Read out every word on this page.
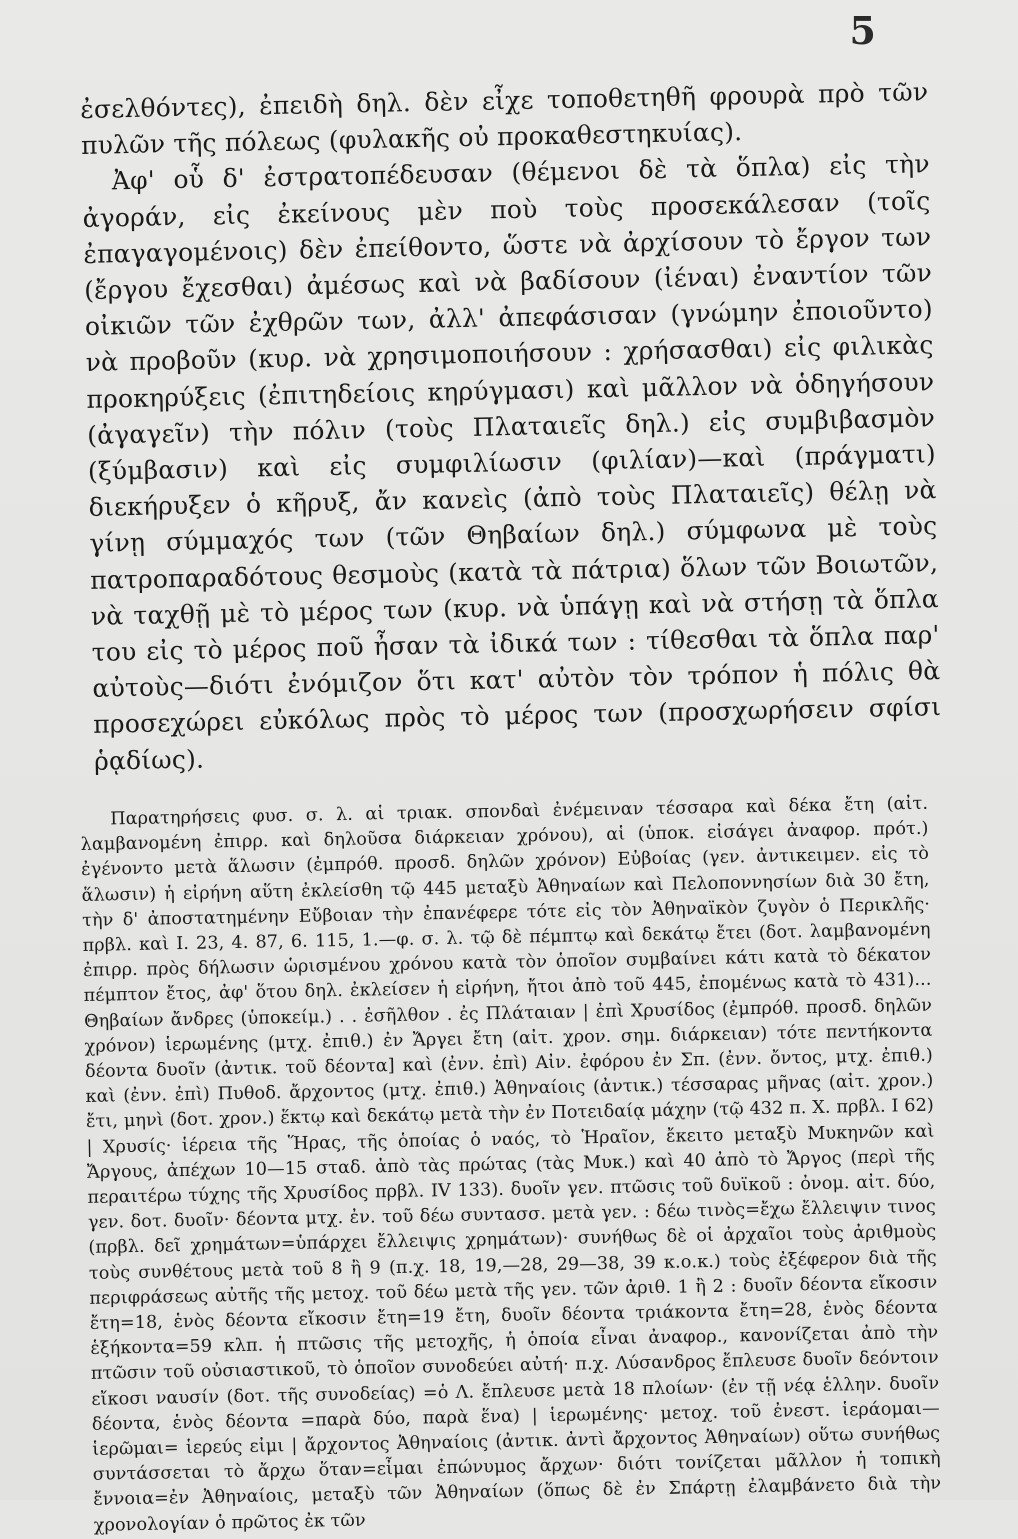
5

ἐσελθόντες), ἐπειδὴ δηλ. δὲν εἶχε τοποθετηθῆ φρουρὰ πρὸ τῶν πυλῶν τῆς πόλεως (φυλακῆς οὐ προκαθεστηκυίας).

Ἀφ' οὗ δ' ἐστρατοπέδευσαν (θέμενοι δὲ τὰ ὅπλα) εἰς τὴν ἀγοράν, εἰς ἐκείνους μὲν ποὺ τοὺς προσεκάλεσαν (τοῖς ἐπαγαγομένοις) δὲν ἐπείθοντο, ὥστε νὰ ἀρχίσουν τὸ ἔργον των (ἔργου ἔχεσθαι) ἀμέσως καὶ νὰ βαδίσουν (ἰέναι) ἐναντίον τῶν οἰκιῶν τῶν ἐχθρῶν των, ἀλλ' ἀπεφάσισαν (γνώμην ἐποιοῦντο) νὰ προβοῦν (κυρ. νὰ χρησιμοποιήσουν : χρήσασθαι) εἰς φιλικὰς προκηρύξεις (ἐπιτηδείοις κηρύγμασι) καὶ μᾶλλον νὰ ὁδηγήσουν (ἀγαγεῖν) τὴν πόλιν (τοὺς Πλαταιεῖς δηλ.) εἰς συμβιβασμὸν (ξύμβασιν) καὶ εἰς συμφιλίωσιν (φιλίαν)—καὶ (πράγματι) διεκήρυξεν ὁ κῆρυξ, ἄν κανεὶς (ἀπὸ τοὺς Πλαταιεῖς) θέλῃ νὰ γίνῃ σύμμαχός των (τῶν Θηβαίων δηλ.) σύμφωνα μὲ τοὺς πατροπαραδότους θεσμοὺς (κατὰ τὰ πάτρια) ὅλων τῶν Βοιωτῶν, νὰ ταχθῇ μὲ τὸ μέρος των (κυρ. νὰ ὑπάγῃ καὶ νὰ στήσῃ τὰ ὅπλα του εἰς τὸ μέρος ποῦ ἦσαν τὰ ἰδικά των : τίθεσθαι τὰ ὅπλα παρ' αὐτοὺς—διότι ἐνόμιζον ὅτι κατ' αὐτὸν τὸν τρόπον ἡ πόλις θὰ προσεχώρει εὐκόλως πρὸς τὸ μέρος των (προσχωρήσειν σφίσι ῥᾳδίως).

Παρατηρήσεις φυσ. σ. λ. αἱ τριακ. σπονδαὶ ἐνέμειναν τέσσαρα καὶ δέκα ἔτη (αἰτ. λαμβανομένη ἐπιρρ. καὶ δηλοῦσα διάρκειαν χρόνου), αἱ (ὑποκ. εἰσάγει ἀναφορ. πρότ.) ἐγένοντο μετὰ ἅλωσιν (ἐμπρόθ. προσδ. δηλῶν χρόνον) Εὐβοίας (γεν. ἀντικειμεν. εἰς τὸ ἅλωσιν) ἡ εἰρήνη αὕτη ἐκλείσθη τῷ 445 μεταξὺ Ἀθηναίων καὶ Πελοποννησίων διὰ 30 ἔτη, τὴν δ' ἀποστατημένην Εὔβοιαν τὴν ἐπανέφερε τότε εἰς τὸν Ἀθηναϊκὸν ζυγὸν ὁ Περικλῆς· πρβλ. καὶ I. 23, 4. 87, 6. 115, 1.—φ. σ. λ. τῷ δὲ πέμπτῳ καὶ δεκάτῳ ἔτει (δοτ. λαμβανομένη ἐπιρρ. πρὸς δήλωσιν ὡρισμένου χρόνου κατὰ τὸν ὁποῖον συμβαίνει κάτι κατὰ τὸ δέκατον πέμπτον ἔτος, ἀφ' ὅτου δηλ. ἐκλείσεν ἡ εἰρήνη, ἤτοι ἀπὸ τοῦ 445, ἑπομένως κατὰ τὸ 431)... Θηβαίων ἄνδρες (ὑποκείμ.) . . ἐσῆλθον . ἐς Πλάταιαν | ἐπὶ Χρυσίδος (ἐμπρόθ. προσδ. δηλῶν χρόνον) ἱερωμένης (μτχ. ἐπιθ.) ἐν Ἄργει ἔτη (αἰτ. χρον. σημ. διάρκειαν) τότε πεντήκοντα δέοντα δυοῖν (ἀντικ. τοῦ δέοντα] καὶ (ἐνν. ἐπὶ) Αἰν. ἐφόρου ἐν Σπ. (ἐνν. ὄντος, μτχ. ἐπιθ.) καὶ (ἐνν. ἐπὶ) Πυθοδ. ἄρχοντος (μτχ. ἐπιθ.) Ἀθηναίοις (ἀντικ.) τέσσαρας μῆνας (αἰτ. χρον.) ἔτι, μηνὶ (δοτ. χρον.) ἕκτῳ καὶ δεκάτῳ μετὰ τὴν ἐν Ποτειδαίᾳ μάχην (τῷ 432 π. Χ. πρβλ. I 62) | Χρυσίς· ἱέρεια τῆς Ἥρας, τῆς ὁποίας ὁ ναός, τὸ Ἡραῖον, ἔκειτο μεταξὺ Μυκηνῶν καὶ Ἄργους, ἀπέχων 10—15 σταδ. ἀπὸ τὰς πρώτας (τὰς Μυκ.) καὶ 40 ἀπὸ τὸ Ἄργος (περὶ τῆς περαιτέρω τύχης τῆς Χρυσίδος πρβλ. IV 133). δυοῖν γεν. πτῶσις τοῦ δυϊκοῦ : ὀνομ. αἰτ. δύο, γεν. δοτ. δυοῖν· δέοντα μτχ. ἐν. τοῦ δέω συντασσ. μετὰ γεν. : δέω τινὸς=ἔχω ἔλλειψιν τινος (πρβλ. δεῖ χρημάτων=ὑπάρχει ἔλλειψις χρημάτων)· συνήθως δὲ οἱ ἀρχαῖοι τοὺς ἀριθμοὺς τοὺς συνθέτους μετὰ τοῦ 8 ἢ 9 (π.χ. 18, 19,—28, 29—38, 39 κ.ο.κ.) τοὺς ἐξέφερον διὰ τῆς περιφράσεως αὐτῆς τῆς μετοχ. τοῦ δέω μετὰ τῆς γεν. τῶν ἀριθ. 1 ἢ 2 : δυοῖν δέοντα εἴκοσιν ἔτη=18, ἑνὸς δέοντα εἴκοσιν ἔτη=19 ἔτη, δυοῖν δέοντα τριάκοντα ἔτη=28, ἑνὸς δέοντα ἑξήκοντα=59 κλπ. ἡ πτῶσις τῆς μετοχῆς, ἡ ὁποία εἶναι ἀναφορ., κανονίζεται ἀπὸ τὴν πτῶσιν τοῦ οὐσιαστικοῦ, τὸ ὁποῖον συνοδεύει αὐτή· π.χ. Λύσανδρος ἔπλευσε δυοῖν δεόντοιν εἴκοσι ναυσίν (δοτ. τῆς συνοδείας) =ὁ Λ. ἔπλευσε μετὰ 18 πλοίων· (ἐν τῇ νέᾳ ἑλλην. δυοῖν δέοντα, ἑνὸς δέοντα =παρὰ δύο, παρὰ ἕνα) | ἱερωμένης· μετοχ. τοῦ ἐνεστ. ἱεράομαι—ἱερῶμαι= ἱερεύς εἰμι | ἄρχοντος Ἀθηναίοις (ἀντικ. ἀντὶ ἄρχοντος Ἀθηναίων) οὕτω συνήθως συντάσσεται τὸ ἄρχω ὅταν=εἶμαι ἐπώνυμος ἄρχων· διότι τονίζεται μᾶλλον ἡ τοπικὴ ἔννοια=ἐν Ἀθηναίοις, μεταξὺ τῶν Ἀθηναίων (ὅπως δὲ ἐν Σπάρτῃ ἐλαμβάνετο διὰ τὴν χρονολογίαν ὁ πρῶτος ἐκ τῶν
